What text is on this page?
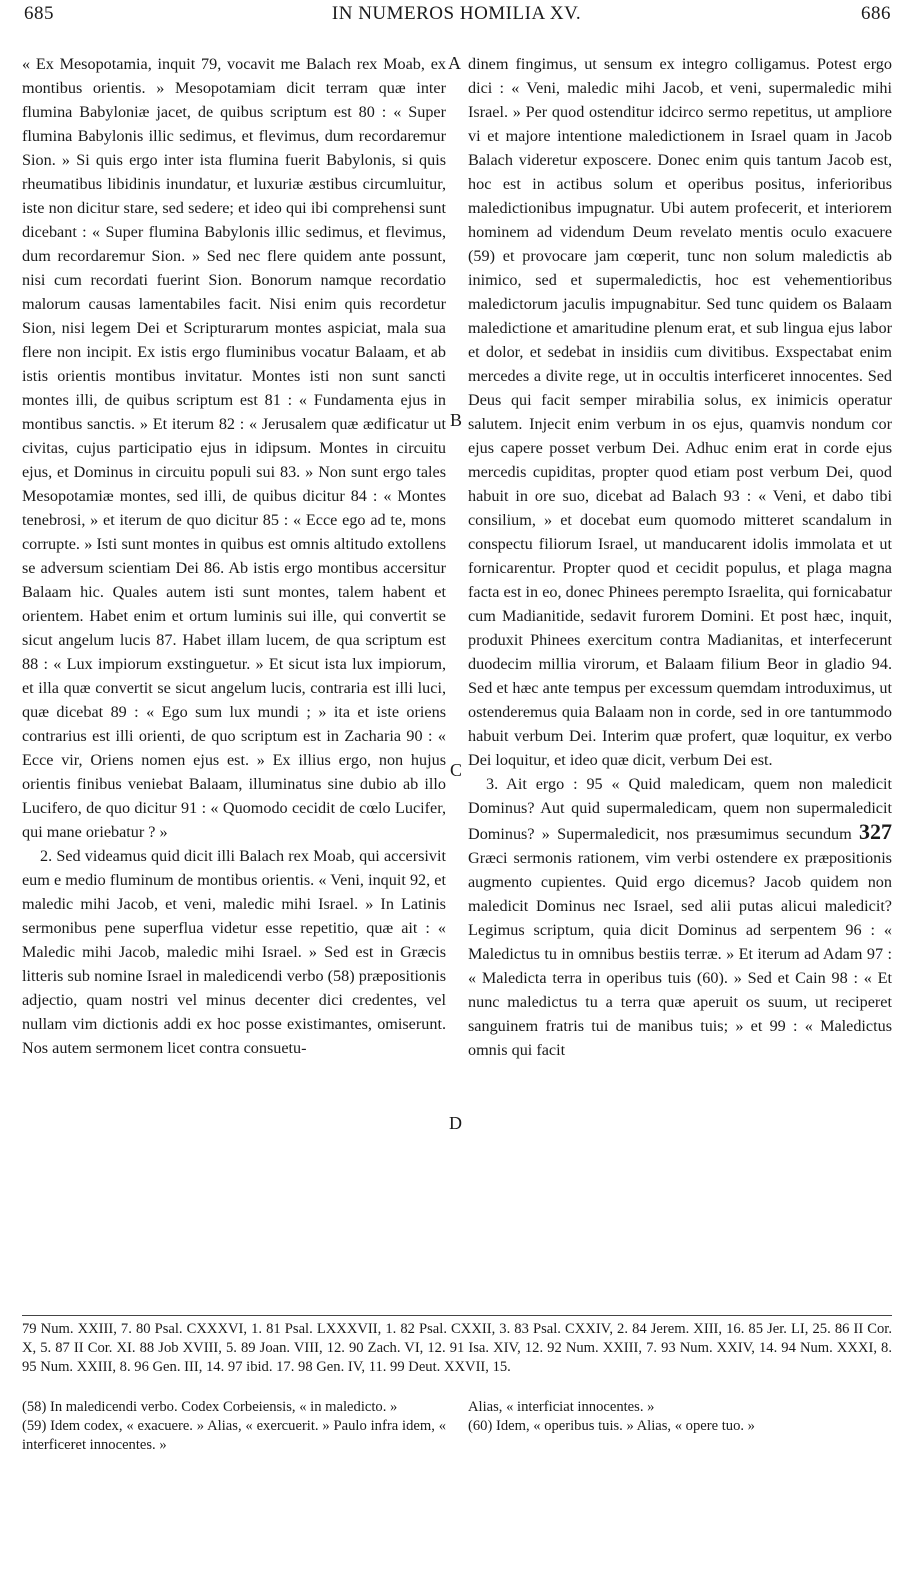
685	IN NUMEROS HOMILIA XV.	686
A
B
C
D

« Ex Mesopotamia, inquit 79, vocavit me Balach rex Moab, ex montibus orientis. » Mesopotamiam dicit terram quæ inter flumina Babyloniæ jacet, de quibus scriptum est 80 : « Super flumina Babylonis illic sedimus, et flevimus, dum recordaremur Sion. » Si quis ergo inter ista flumina fuerit Babylonis, si quis rheumatibus libidinis inundatur, et luxuriæ æstibus circumluitur, iste non dicitur stare, sed sedere; et ideo qui ibi comprehensi sunt dicebant : « Super flumina Babylonis illic sedimus, et flevimus, dum recordaremur Sion. » Sed nec flere quidem ante possunt, nisi cum recordati fuerint Sion. Bonorum namque recordatio malorum causas lamentabiles facit. Nisi enim quis recordetur Sion, nisi legem Dei et Scripturarum montes aspiciat, mala sua flere non incipit. Ex istis ergo fluminibus vocatur Balaam, et ab istis orientis montibus invitatur. Montes isti non sunt sancti montes illi, de quibus scriptum est 81 : « Fundamenta ejus in montibus sanctis. » Et iterum 82 : « Jerusalem quæ ædificatur ut civitas, cujus participatio ejus in idipsum. Montes in circuitu ejus, et Dominus in circuitu populi sui 83. » Non sunt ergo tales Mesopotamiæ montes, sed illi, de quibus dicitur 84 : « Montes tenebrosi, » et iterum de quo dicitur 85 : « Ecce ego ad te, mons corrupte. » Isti sunt montes in quibus est omnis altitudo extollens se adversum scientiam Dei 86. Ab istis ergo montibus accersitur Balaam hic. Quales autem isti sunt montes, talem habent et orientem. Habet enim et ortum luminis sui ille, qui convertit se sicut angelum lucis 87. Habet illam lucem, de qua scriptum est 88 : « Lux impiorum exstinguetur. » Et sicut ista lux impiorum, et illa quæ convertit se sicut angelum lucis, contraria est illi luci, quæ dicebat 89 : « Ego sum lux mundi ; » ita et iste oriens contrarius est illi orienti, de quo scriptum est in Zacharia 90 : « Ecce vir, Oriens nomen ejus est. » Ex illius ergo, non hujus orientis finibus veniebat Balaam, illuminatus sine dubio ab illo Lucifero, de quo dicitur 91 : « Quomodo cecidit de cœlo Lucifer, qui mane oriebatur ? »

2. Sed videamus quid dicit illi Balach rex Moab, qui accersivit eum e medio fluminum de montibus orientis. « Veni, inquit 92, et maledic mihi Jacob, et veni, maledic mihi Israel. » In Latinis sermonibus pene superflua videtur esse repetitio, quæ ait : « Maledic mihi Jacob, maledic mihi Israel. » Sed est in Græcis litteris sub nomine Israel in maledicendi verbo (58) præpositionis adjectio, quam nostri vel minus decenter dici credentes, vel nullam vim dictionis addi ex hoc posse existimantes, omiserunt. Nos autem sermonem licet contra consuetu-

dinem fingimus, ut sensum ex integro colligamus. Potest ergo dici : « Veni, maledic mihi Jacob, et veni, supermaledic mihi Israel. » Per quod ostenditur idcirco sermo repetitus, ut ampliore vi et majore intentione maledictionem in Israel quam in Jacob Balach videretur exposcere. Donec enim quis tantum Jacob est, hoc est in actibus solum et operibus positus, inferioribus maledictionibus impugnatur. Ubi autem profecerit, et interiorem hominem ad videndum Deum revelato mentis oculo exacuere (59) et provocare jam cœperit, tunc non solum maledictis ab inimico, sed et supermaledictis, hoc est vehementioribus maledictorum jaculis impugnabitur. Sed tunc quidem os Balaam maledictione et amaritudine plenum erat, et sub lingua ejus labor et dolor, et sedebat in insidiis cum divitibus. Exspectabat enim mercedes a divite rege, ut in occultis interficeret innocentes. Sed Deus qui facit semper mirabilia solus, ex inimicis operatur salutem. Injecit enim verbum in os ejus, quamvis nondum cor ejus capere posset verbum Dei. Adhuc enim erat in corde ejus mercedis cupiditas, propter quod etiam post verbum Dei, quod habuit in ore suo, dicebat ad Balach 93 : « Veni, et dabo tibi consilium, » et docebat eum quomodo mitteret scandalum in conspectu filiorum Israel, ut manducarent idolis immolata et ut fornicarentur. Propter quod et cecidit populus, et plaga magna facta est in eo, donec Phinees perempto Israelita, qui fornicabatur cum Madianitide, sedavit furorem Domini. Et post hæc, inquit, produxit Phinees exercitum contra Madianitas, et interfecerunt duodecim millia virorum, et Balaam filium Beor in gladio 94. Sed et hæc ante tempus per excessum quemdam introduximus, ut ostenderemus quia Balaam non in corde, sed in ore tantummodo habuit verbum Dei. Interim quæ profert, quæ loquitur, ex verbo Dei loquitur, et ideo quæ dicit, verbum Dei est.

3. Ait ergo : 95 « Quid maledicam, quem non maledicit Dominus? Aut quid supermaledicam, quem non supermaledicit Dominus? » Supermaledicit, nos præsumimus secundum 327 Græci sermonis rationem, vim verbi ostendere ex præpositionis augmento cupientes. Quid ergo dicemus? Jacob quidem non maledicit Dominus nec Israel, sed alii putas alicui maledicit? Legimus scriptum, quia dicit Dominus ad serpentem 96 : « Maledictus tu in omnibus bestiis terræ. » Et iterum ad Adam 97 : « Maledicta terra in operibus tuis (60). » Sed et Cain 98 : « Et nunc maledictus tu a terra quæ aperuit os suum, ut reciperet sanguinem fratris tui de manibus tuis; » et 99 : « Maledictus omnis qui facit

79 Num. XXIII, 7. 80 Psal. CXXXVI, 1. 81 Psal. LXXXVII, 1. 82 Psal. CXXII, 3. 83 Psal. CXXIV, 2. 84 Jerem. XIII, 16. 85 Jer. LI, 25. 86 II Cor. X, 5. 87 II Cor. XI. 88 Job XVIII, 5. 89 Joan. VIII, 12. 90 Zach. VI, 12. 91 Isa. XIV, 12. 92 Num. XXIII, 7. 93 Num. XXIV, 14. 94 Num. XXXI, 8. 95 Num. XXIII, 8. 96 Gen. III, 14. 97 ibid. 17. 98 Gen. IV, 11. 99 Deut. XXVII, 15.

(58) In maledicendi verbo. Codex Corbeiensis, « in maledicto. »

(59) Idem codex, « exacuere. » Alias, « exercuerit. » Paulo infra idem, « interficeret innocentes. »

Alias, « interficiat innocentes. »

(60) Idem, « operibus tuis. » Alias, « opere tuo. »
